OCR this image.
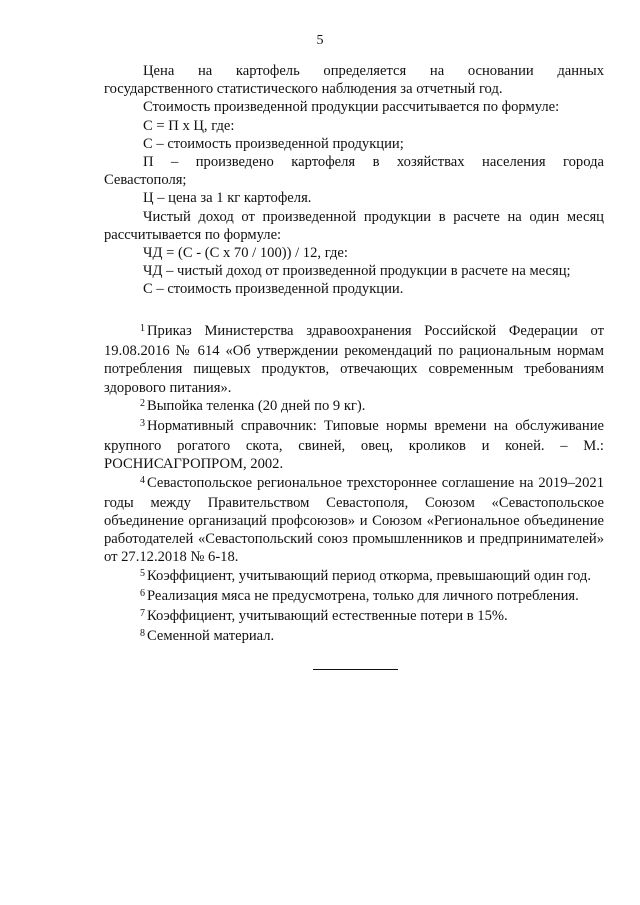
5

Цена на картофель определяется на основании данных

государственного статистического наблюдения за отчетный год.

Стоимость произведенной продукции рассчитывается по формуле:

С = П х Ц, где:

С – стоимость произведенной продукции;

П – произведено картофеля в хозяйствах населения города

Севастополя;

Ц – цена за 1 кг картофеля.

Чистый доход от произведенной продукции в расчете на один месяц

рассчитывается по формуле:

ЧД = (С - (С х 70 / 100)) / 12, где:

ЧД – чистый доход от произведенной продукции в расчете на месяц;

С – стоимость произведенной продукции.

1 Приказ Министерства здравоохранения Российской Федерации от 19.08.2016 № 614 «Об утверждении рекомендаций по рациональным нормам потребления пищевых продуктов, отвечающих современным требованиям здорового питания».

2 Выпойка теленка (20 дней по 9 кг).

3 Нормативный справочник: Типовые нормы времени на обслуживание крупного рогатого скота, свиней, овец, кроликов и коней. – М.: РОСНИСАГРОПРОМ, 2002.

4 Севастопольское региональное трехстороннее соглашение на 2019–2021 годы между Правительством Севастополя, Союзом «Севастопольское объединение организаций профсоюзов» и Союзом «Региональное объединение работодателей «Севастопольский союз промышленников и предпринимателей» от 27.12.2018 № 6-18.

5 Коэффициент, учитывающий период откорма, превышающий один год.

6 Реализация мяса не предусмотрена, только для личного потребления.

7 Коэффициент, учитывающий естественные потери в 15%.

8 Семенной материал.
